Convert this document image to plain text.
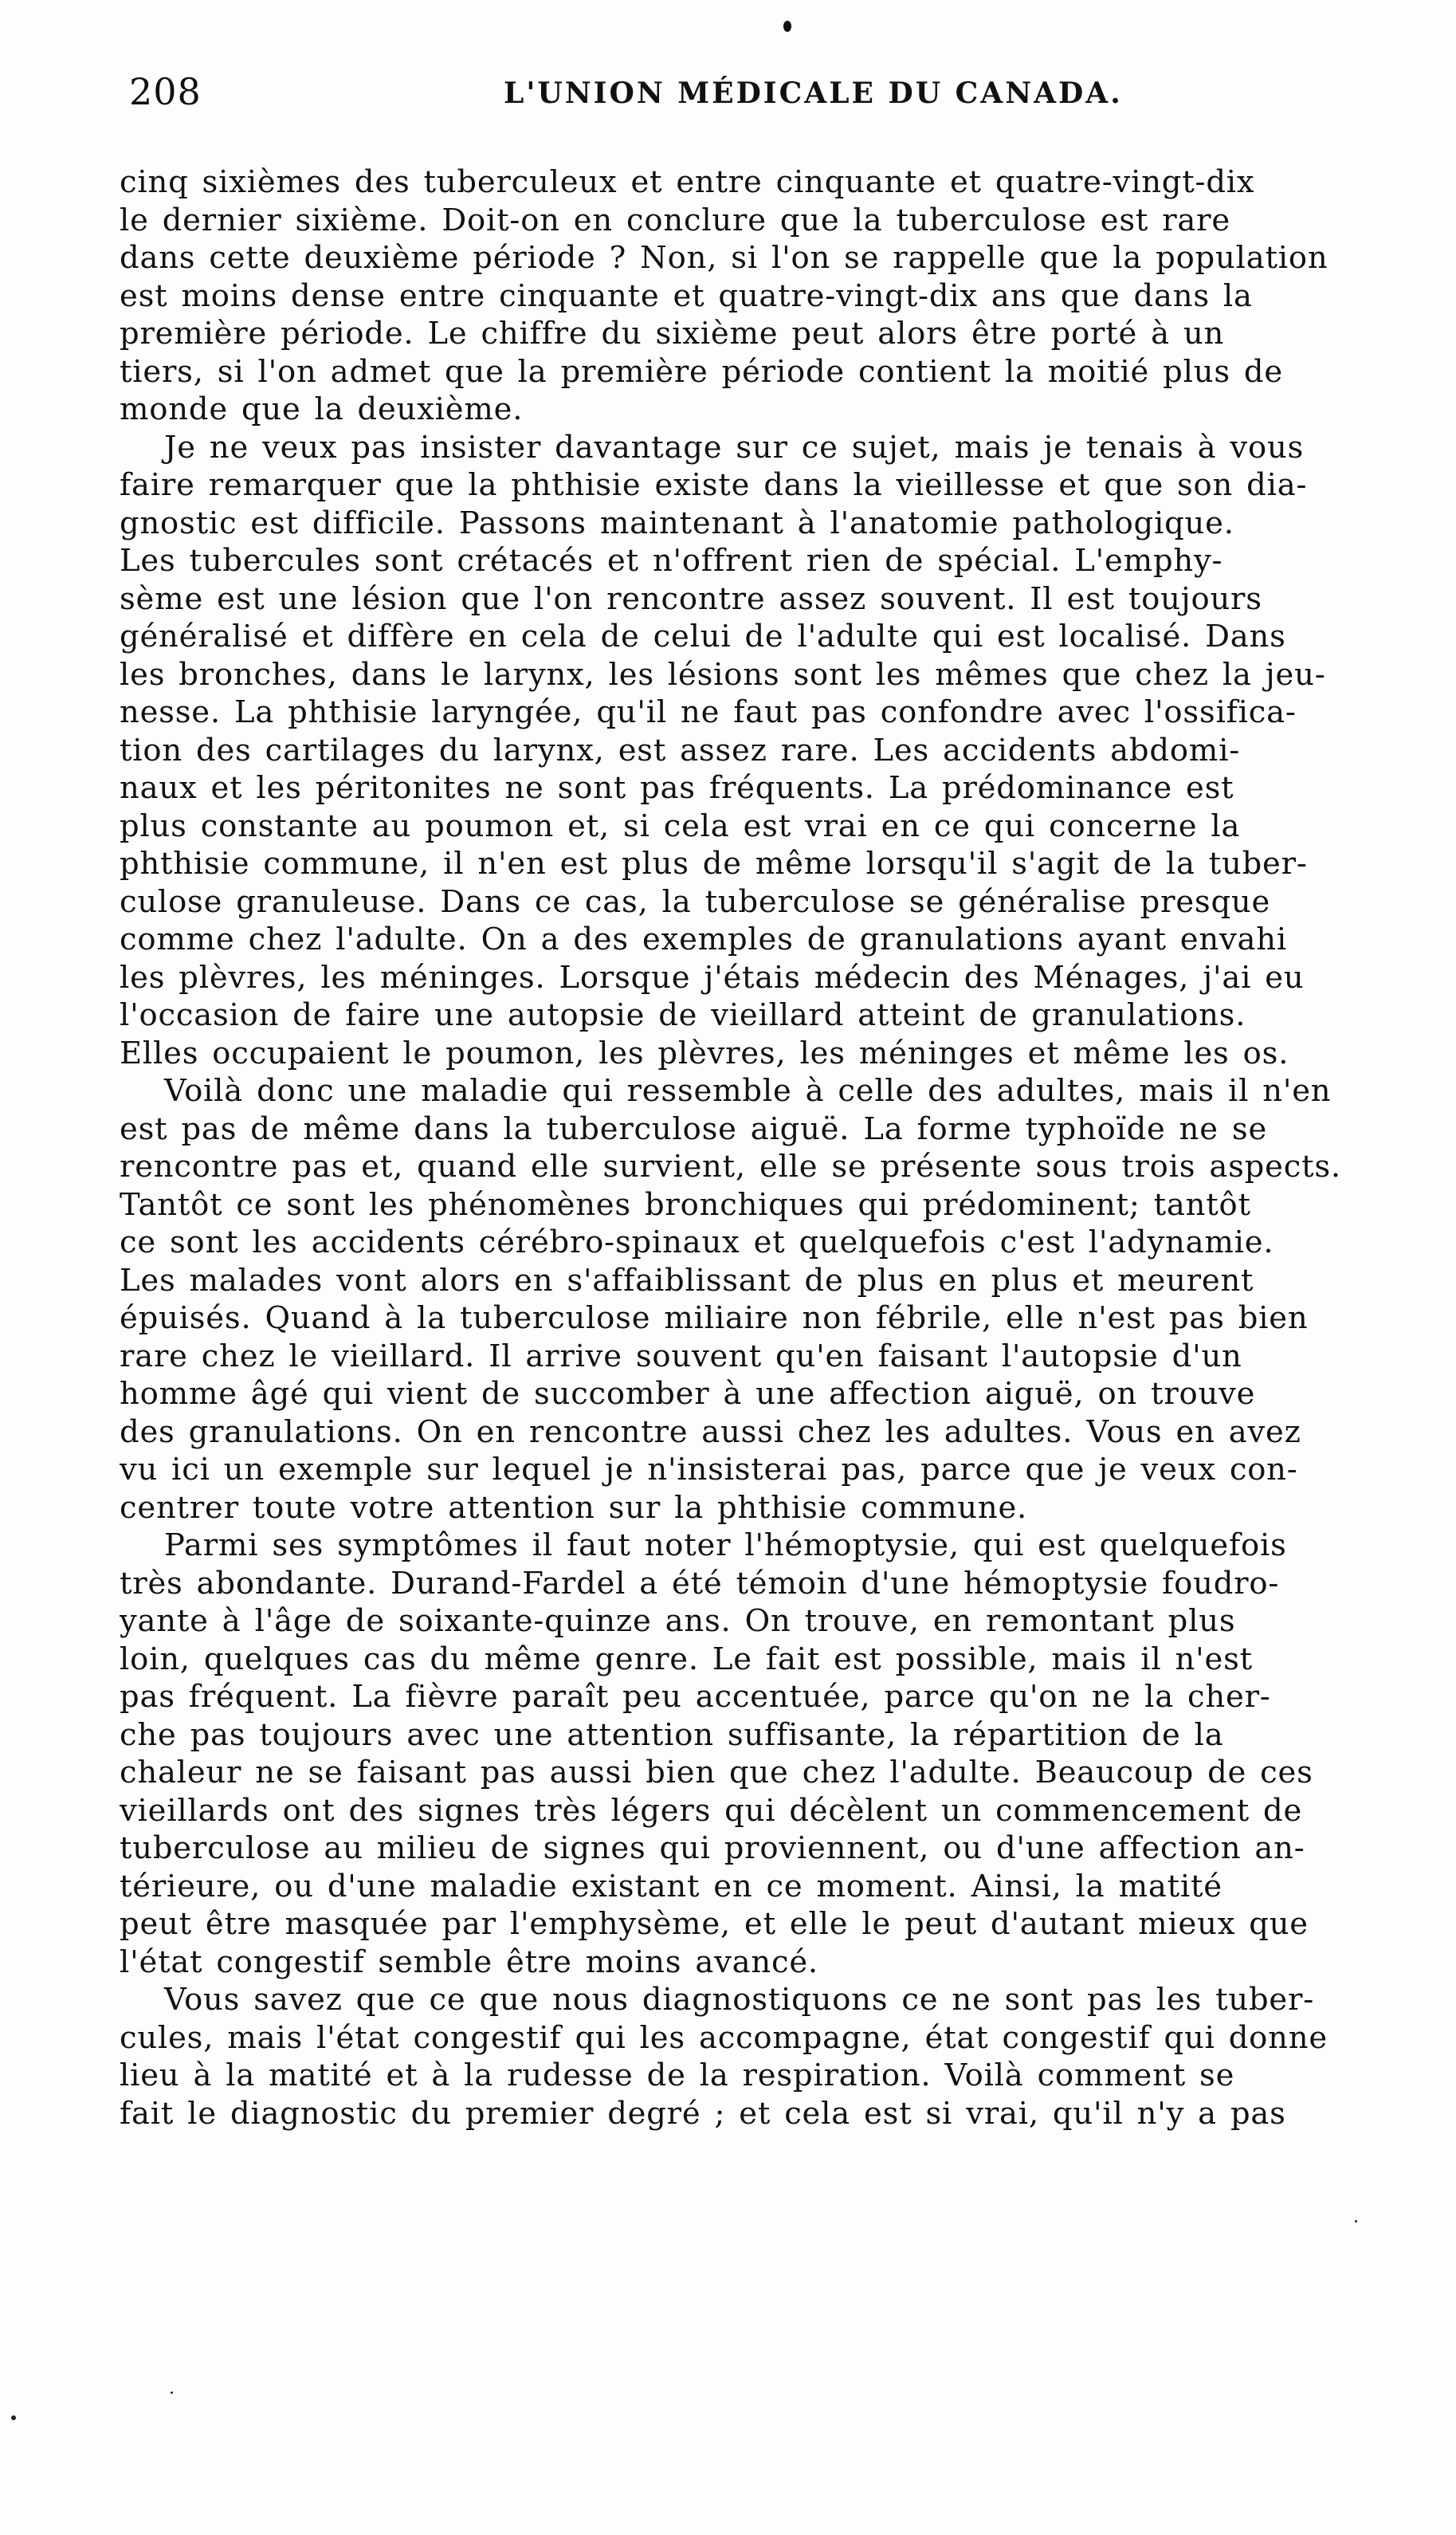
208	L'UNION MÉDICALE DU CANADA.
cinq sixièmes des tuberculeux et entre cinquante et quatre-vingt-dix
le dernier sixième. Doit-on en conclure que la tuberculose est rare
dans cette deuxième période ? Non, si l'on se rappelle que la population
est moins dense entre cinquante et quatre-vingt-dix ans que dans la
première période. Le chiffre du sixième peut alors être porté à un
tiers, si l'on admet que la première période contient la moitié plus de
monde que la deuxième.
Je ne veux pas insister davantage sur ce sujet, mais je tenais à vous
faire remarquer que la phthisie existe dans la vieillesse et que son dia-
gnostic est difficile. Passons maintenant à l'anatomie pathologique.
Les tubercules sont crétacés et n'offrent rien de spécial. L'emphy-
sème est une lésion que l'on rencontre assez souvent. Il est toujours
généralisé et diffère en cela de celui de l'adulte qui est localisé. Dans
les bronches, dans le larynx, les lésions sont les mêmes que chez la jeu-
nesse. La phthisie laryngée, qu'il ne faut pas confondre avec l'ossifica-
tion des cartilages du larynx, est assez rare. Les accidents abdomi-
naux et les péritonites ne sont pas fréquents. La prédominance est
plus constante au poumon et, si cela est vrai en ce qui concerne la
phthisie commune, il n'en est plus de même lorsqu'il s'agit de la tuber-
culose granuleuse. Dans ce cas, la tuberculose se généralise presque
comme chez l'adulte. On a des exemples de granulations ayant envahi
les plèvres, les méninges. Lorsque j'étais médecin des Ménages, j'ai eu
l'occasion de faire une autopsie de vieillard atteint de granulations.
Elles occupaient le poumon, les plèvres, les méninges et même les os.
Voilà donc une maladie qui ressemble à celle des adultes, mais il n'en
est pas de même dans la tuberculose aiguë. La forme typhoïde ne se
rencontre pas et, quand elle survient, elle se présente sous trois aspects.
Tantôt ce sont les phénomènes bronchiques qui prédominent; tantôt
ce sont les accidents cérébro-spinaux et quelquefois c'est l'adynamie.
Les malades vont alors en s'affaiblissant de plus en plus et meurent
épuisés. Quand à la tuberculose miliaire non fébrile, elle n'est pas bien
rare chez le vieillard. Il arrive souvent qu'en faisant l'autopsie d'un
homme âgé qui vient de succomber à une affection aiguë, on trouve
des granulations. On en rencontre aussi chez les adultes. Vous en avez
vu ici un exemple sur lequel je n'insisterai pas, parce que je veux con-
centrer toute votre attention sur la phthisie commune.
Parmi ses symptômes il faut noter l'hémoptysie, qui est quelquefois
très abondante. Durand-Fardel a été témoin d'une hémoptysie foudro-
yante à l'âge de soixante-quinze ans. On trouve, en remontant plus
loin, quelques cas du même genre. Le fait est possible, mais il n'est
pas fréquent. La fièvre paraît peu accentuée, parce qu'on ne la cher-
che pas toujours avec une attention suffisante, la répartition de la
chaleur ne se faisant pas aussi bien que chez l'adulte. Beaucoup de ces
vieillards ont des signes très légers qui décèlent un commencement de
tuberculose au milieu de signes qui proviennent, ou d'une affection an-
térieure, ou d'une maladie existant en ce moment. Ainsi, la matité
peut être masquée par l'emphysème, et elle le peut d'autant mieux que
l'état congestif semble être moins avancé.
Vous savez que ce que nous diagnostiquons ce ne sont pas les tuber-
cules, mais l'état congestif qui les accompagne, état congestif qui donne
lieu à la matité et à la rudesse de la respiration. Voilà comment se
fait le diagnostic du premier degré ; et cela est si vrai, qu'il n'y a pas
